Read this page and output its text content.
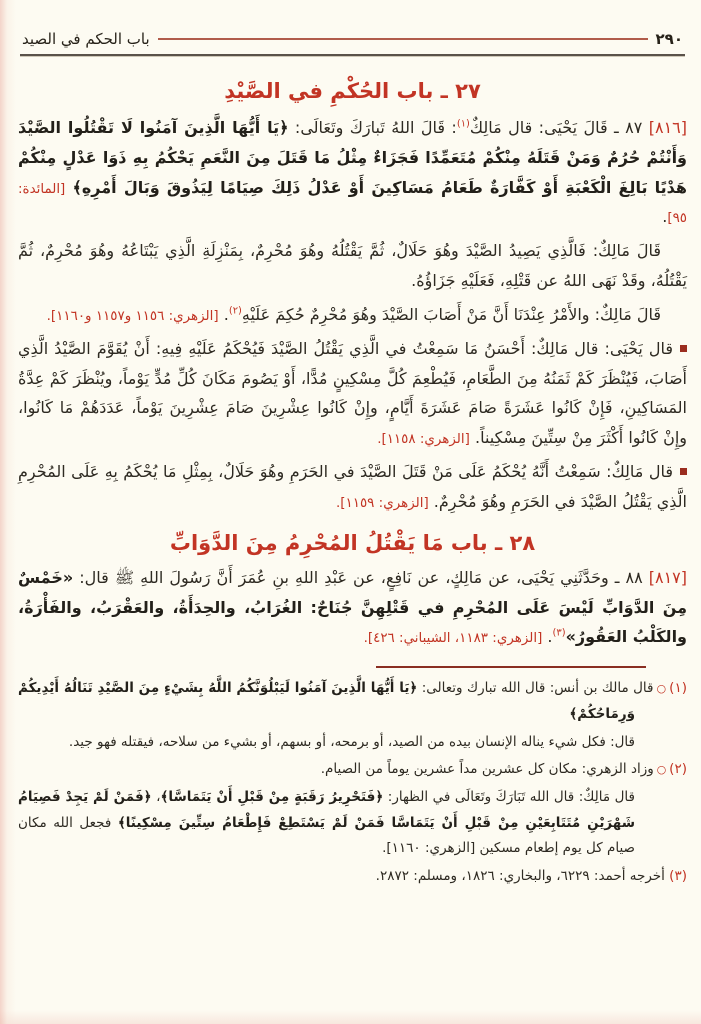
٢٩٠
باب الحكم في الصيد
٢٧ ـ باب الحُكْمِ في الصَّيْدِ

[٨١٦] ٨٧ ـ قَالَ يَحْيَى: قال مَالِكٌ$^{(١)}$: قَالَ اللهُ تَبارَكَ وتَعَالَى: ﴿يَا أَيُّهَا الَّذِينَ آمَنُوا لَا تَقْتُلُوا الصَّيْدَ وَأَنْتُمْ حُرُمٌ وَمَنْ قَتَلَهُ مِنْكُمْ مُتَعَمِّدًا فَجَزَاءٌ مِثْلُ مَا قَتَلَ مِنَ النَّعَمِ يَحْكُمُ بِهِ ذَوَا عَدْلٍ مِنْكُمْ هَدْيًا بَالِغَ الْكَعْبَةِ أَوْ كَفَّارَةٌ طَعَامُ مَسَاكِينَ أَوْ عَدْلُ ذَلِكَ صِيَامًا لِيَذُوقَ وَبَالَ أَمْرِهِ﴾ [المائدة: ٩٥].

قَالَ مَالِكٌ: فَالَّذِي يَصِيدُ الصَّيْدَ وهُوَ حَلَالٌ، ثُمَّ يَقْتُلُهُ وهُوَ مُحْرِمٌ، بِمَنْزِلَةِ الَّذِي يَبْتَاعُهُ وهُوَ مُحْرِمٌ، ثُمَّ يَقْتُلُهُ، وقَدْ نَهَى اللهُ عن قَتْلِهِ، فَعَلَيْهِ جَزَاؤُهُ.

قَالَ مَالِكٌ: والأَمْرُ عِنْدَنَا أَنَّ مَنْ أَصَابَ الصَّيْدَ وهُوَ مُحْرِمٌ حُكِمَ عَلَيْهِ$^{(٢)}$. [الزهري: ١١٥٦ و١١٥٧ و١١٦٠].

قال يَحْيَى: قال مَالِكٌ: أَحْسَنُ مَا سَمِعْتُ في الَّذِي يَقْتُلُ الصَّيْدَ فَيُحْكَمُ عَلَيْهِ فِيهِ: أَنْ يُقَوَّمَ الصَّيْدُ الَّذِي أَصَابَ، فَيُنْظَرَ كَمْ ثَمَنُهُ مِنَ الطَّعَامِ، فَيُطْعِمَ كُلَّ مِسْكِينٍ مُدًّا، أَوْ يَصُومَ مَكَانَ كُلِّ مُدٍّ يَوْماً، ويُنْظَرَ كَمْ عِدَّةُ المَسَاكِينِ، فَإِنْ كَانُوا عَشَرَةً صَامَ عَشَرَةَ أَيَّامٍ، وإِنْ كَانُوا عِشْرِينَ صَامَ عِشْرِينَ يَوْماً، عَدَدَهُمْ مَا كَانُوا، وإِنْ كَانُوا أَكْثَرَ مِنْ سِتِّينَ مِسْكِيناً. [الزهري: ١١٥٨].

قال مَالِكٌ: سَمِعْتُ أَنَّهُ يُحْكَمُ عَلَى مَنْ قَتَلَ الصَّيْدَ في الحَرَمِ وهُوَ حَلَالٌ، بِمِثْلِ مَا يُحْكَمُ بِهِ عَلَى المُحْرِمِ الَّذِي يَقْتُلُ الصَّيْدَ في الحَرَمِ وهُوَ مُحْرِمٌ. [الزهري: ١١٥٩].

٢٨ ـ باب مَا يَقْتُلُ المُحْرِمُ مِنَ الدَّوَابِّ

[٨١٧] ٨٨ ـ وحَدَّثَنِي يَحْيَى، عن مَالِكٍ، عن نَافِعٍ، عن عَبْدِ اللهِ بنِ عُمَرَ أَنَّ رَسُولَ اللهِ ﷺ قال: «خَمْسٌ مِنَ الدَّوَابِّ لَيْسَ عَلَى المُحْرِمِ في قَتْلِهِنَّ جُنَاحٌ: الغُرَابُ، والحِدَأَةُ، والعَقْرَبُ، والفَأْرَةُ، والكَلْبُ العَقُورُ»$^{(٣)}$. [الزهري: ١١٨٣، الشيباني: ٤٢٦].

(١)○قال مالك بن أنس: قال الله تبارك وتعالى: ﴿يَا أَيُّهَا الَّذِينَ آمَنُوا لَيَبْلُوَنَّكُمُ اللَّهُ بِشَيْءٍ مِنَ الصَّيْدِ تَنَالُهُ أَيْدِيكُمْ وَرِمَاحُكُمْ﴾

قال: فكل شيء يناله الإنسان بيده من الصيد، أو برمحه، أو بسهم، أو بشيء من سلاحه، فيقتله فهو جيد.

(٢)○وزاد الزهري: مكان كل عشرين مداً عشرين يوماً من الصيام.

قال مَالِكٌ: قال الله تَبَارَكَ وتَعَالَى في الظهار: ﴿فَتَحْرِيرُ رَقَبَةٍ مِنْ قَبْلِ أَنْ يَتَمَاسَّا﴾، ﴿فَمَنْ لَمْ يَجِدْ فَصِيَامُ شَهْرَيْنِ مُتَتَابِعَيْنِ مِنْ قَبْلِ أَنْ يَتَمَاسَّا فَمَنْ لَمْ يَسْتَطِعْ فَإِطْعَامُ سِتِّينَ مِسْكِينًا﴾ فجعل الله مكان صيام كل يوم إطعام مسكين [الزهري: ١١٦٠].

(٣) أخرجه أحمد: ٦٢٢٩، والبخاري: ١٨٢٦، ومسلم: ٢٨٧٢.
